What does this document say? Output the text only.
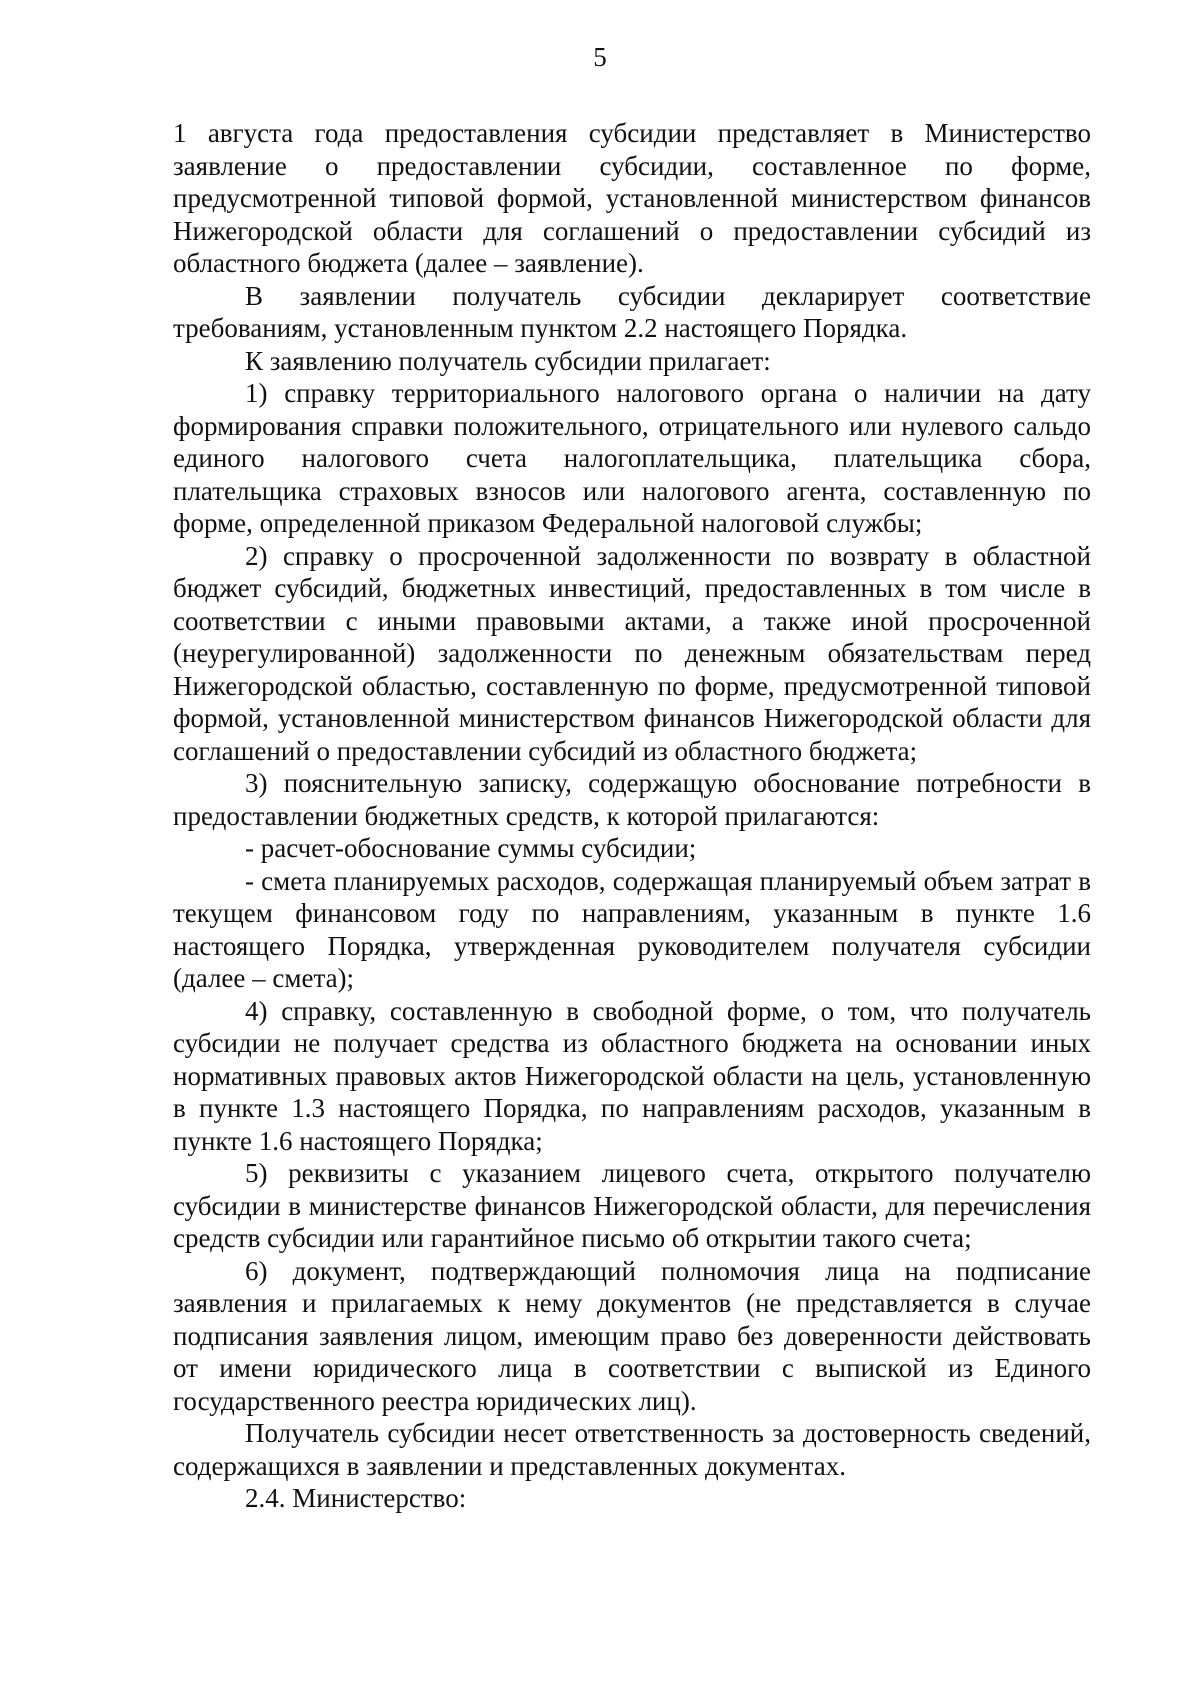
5

1 августа года предоставления субсидии представляет в Министерство заявление о предоставлении субсидии, составленное по форме, предусмотренной типовой формой, установленной министерством финансов Нижегородской области для соглашений о предоставлении субсидий из областного бюджета (далее – заявление).

В заявлении получатель субсидии декларирует соответствие требованиям, установленным пунктом 2.2 настоящего Порядка.

К заявлению получатель субсидии прилагает:

1) справку территориального налогового органа о наличии на дату формирования справки положительного, отрицательного или нулевого сальдо единого налогового счета налогоплательщика, плательщика сбора, плательщика страховых взносов или налогового агента, составленную по форме, определенной приказом Федеральной налоговой службы;

2) справку о просроченной задолженности по возврату в областной бюджет субсидий, бюджетных инвестиций, предоставленных в том числе в соответствии с иными правовыми актами, а также иной просроченной (неурегулированной) задолженности по денежным обязательствам перед Нижегородской областью, составленную по форме, предусмотренной типовой формой, установленной министерством финансов Нижегородской области для соглашений о предоставлении субсидий из областного бюджета;

3) пояснительную записку, содержащую обоснование потребности в предоставлении бюджетных средств, к которой прилагаются:

- расчет-обоснование суммы субсидии;

- смета планируемых расходов, содержащая планируемый объем затрат в текущем финансовом году по направлениям, указанным в пункте 1.6 настоящего Порядка, утвержденная руководителем получателя субсидии (далее – смета);

4) справку, составленную в свободной форме, о том, что получатель субсидии не получает средства из областного бюджета на основании иных нормативных правовых актов Нижегородской области на цель, установленную в пункте 1.3 настоящего Порядка, по направлениям расходов, указанным в пункте 1.6 настоящего Порядка;

5) реквизиты с указанием лицевого счета, открытого получателю субсидии в министерстве финансов Нижегородской области, для перечисления средств субсидии или гарантийное письмо об открытии такого счета;

6) документ, подтверждающий полномочия лица на подписание заявления и прилагаемых к нему документов (не представляется в случае подписания заявления лицом, имеющим право без доверенности действовать от имени юридического лица в соответствии с выпиской из Единого государственного реестра юридических лиц).

Получатель субсидии несет ответственность за достоверность сведений, содержащихся в заявлении и представленных документах.

2.4. Министерство:
